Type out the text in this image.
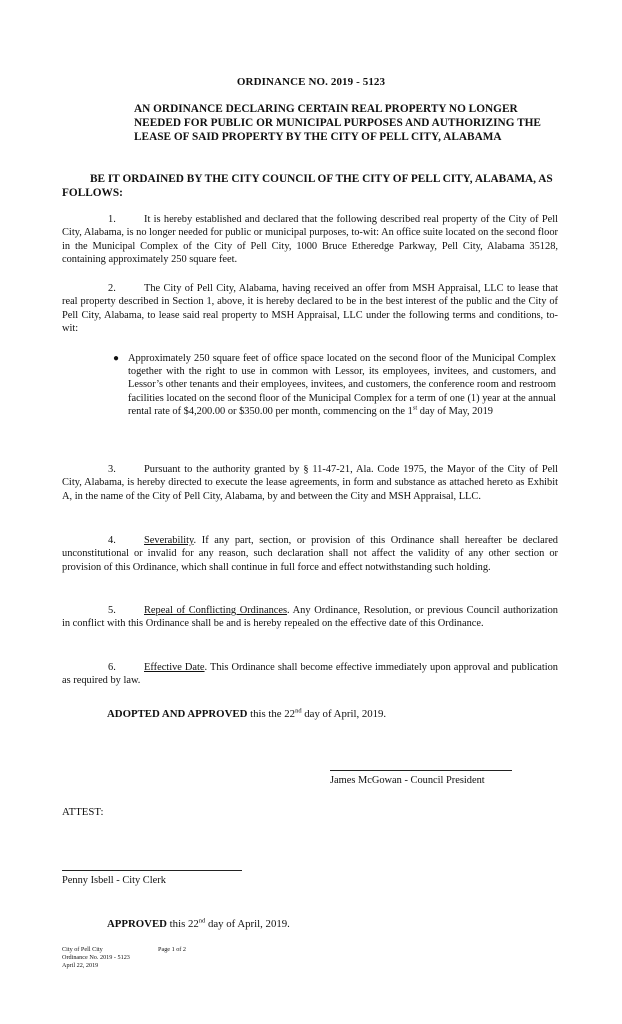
ORDINANCE NO. 2019 - 5123
AN ORDINANCE DECLARING CERTAIN REAL PROPERTY NO LONGER NEEDED FOR PUBLIC OR MUNICIPAL PURPOSES AND AUTHORIZING THE LEASE OF SAID PROPERTY BY THE CITY OF PELL CITY, ALABAMA
BE IT ORDAINED BY THE CITY COUNCIL OF THE CITY OF PELL CITY, ALABAMA, AS FOLLOWS:
1.	It is hereby established and declared that the following described real property of the City of Pell City, Alabama, is no longer needed for public or municipal purposes, to-wit: An office suite located on the second floor in the Municipal Complex of the City of Pell City, 1000 Bruce Etheredge Parkway, Pell City, Alabama 35128, containing approximately 250 square feet.
2.	The City of Pell City, Alabama, having received an offer from MSH Appraisal, LLC to lease that real property described in Section 1, above, it is hereby declared to be in the best interest of the public and the City of Pell City, Alabama, to lease said real property to MSH Appraisal, LLC under the following terms and conditions, to-wit:
● Approximately 250 square feet of office space located on the second floor of the Municipal Complex together with the right to use in common with Lessor, its employees, invitees, and customers, and Lessor’s other tenants and their employees, invitees, and customers, the conference room and restroom facilities located on the second floor of the Municipal Complex for a term of one (1) year at the annual rental rate of $4,200.00 or $350.00 per month, commencing on the 1st day of May, 2019
3.	Pursuant to the authority granted by § 11-47-21, Ala. Code 1975, the Mayor of the City of Pell City, Alabama, is hereby directed to execute the lease agreements, in form and substance as attached hereto as Exhibit A, in the name of the City of Pell City, Alabama, by and between the City and MSH Appraisal, LLC.
4.	Severability. If any part, section, or provision of this Ordinance shall hereafter be declared unconstitutional or invalid for any reason, such declaration shall not affect the validity of any other section or provision of this Ordinance, which shall continue in full force and effect notwithstanding such holding.
5.	Repeal of Conflicting Ordinances. Any Ordinance, Resolution, or previous Council authorization in conflict with this Ordinance shall be and is hereby repealed on the effective date of this Ordinance.
6.	Effective Date. This Ordinance shall become effective immediately upon approval and publication as required by law.
ADOPTED AND APPROVED this the 22nd day of April, 2019.
James McGowan - Council President
ATTEST:
Penny Isbell - City Clerk
APPROVED this 22nd day of April, 2019.
City of Pell City
Ordinance No. 2019 - 5123
April 22, 2019
Page 1 of 2
